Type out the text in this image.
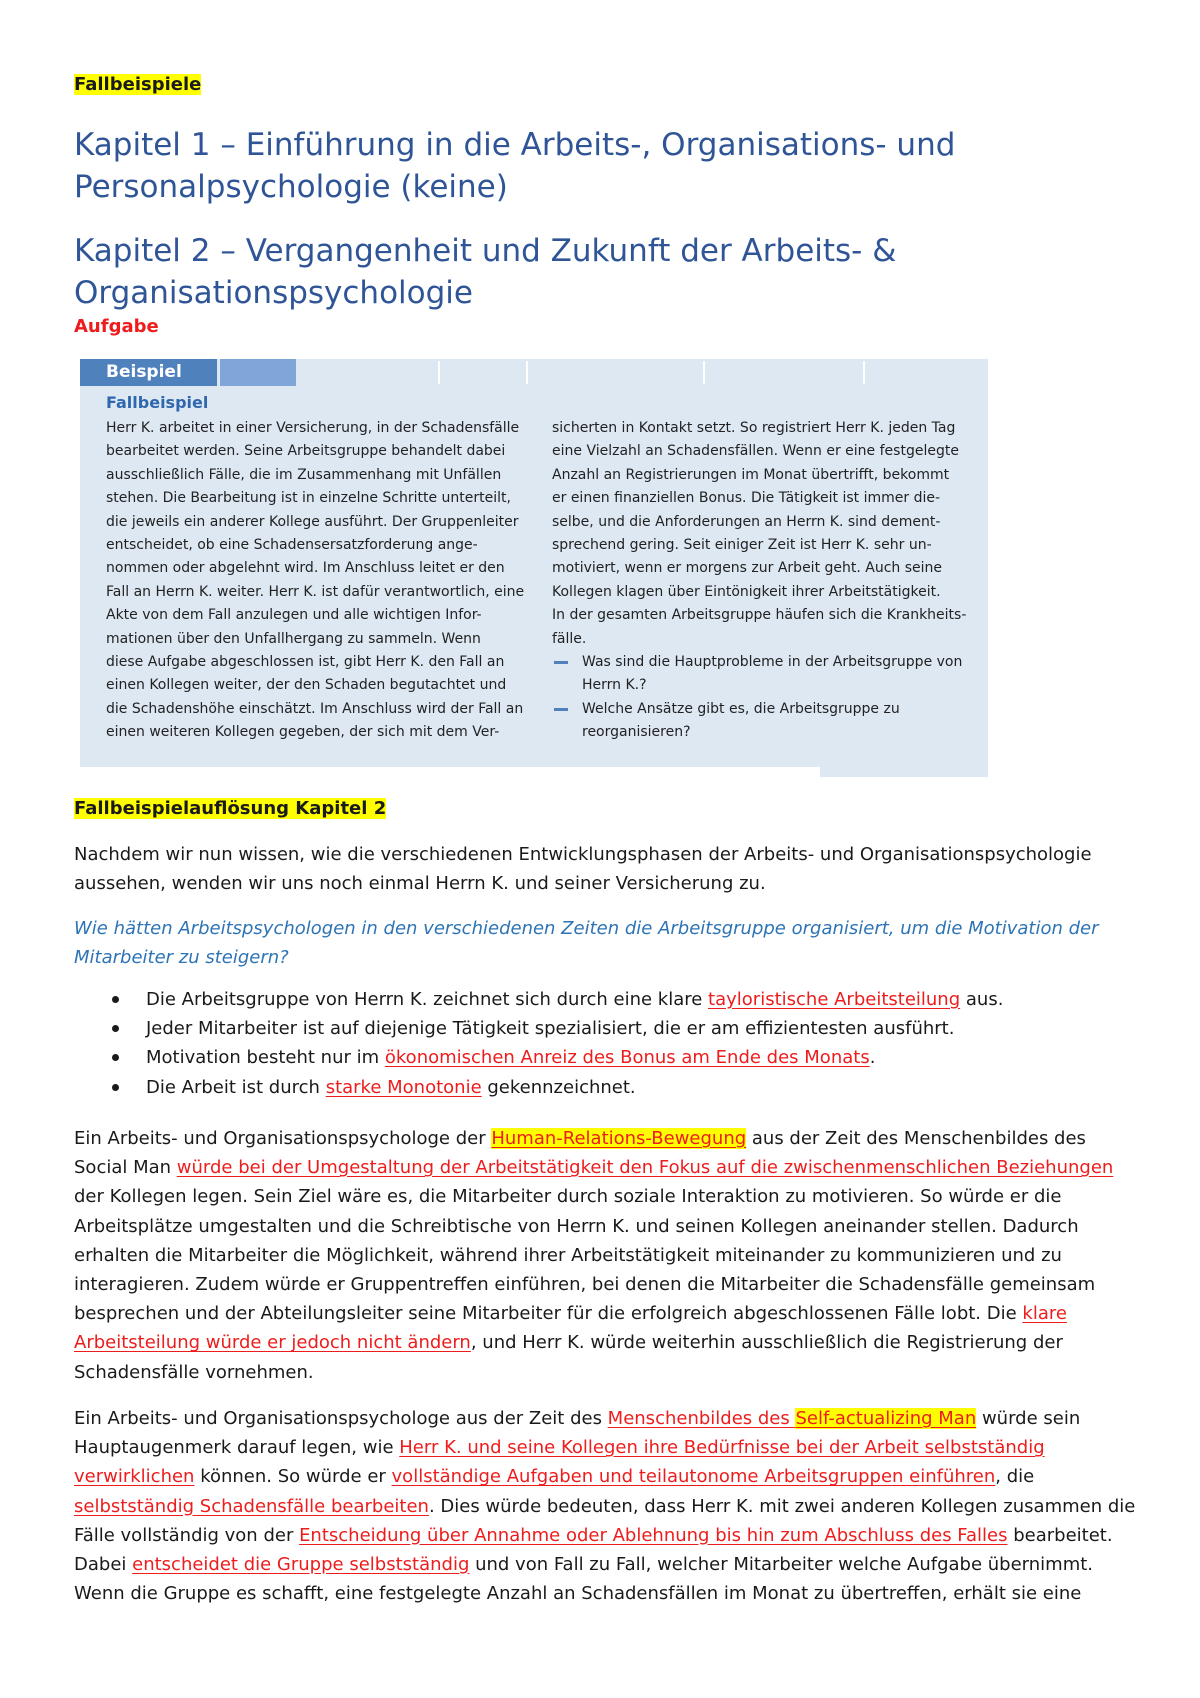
Fallbeispiele
Kapitel 1 – Einführung in die Arbeits-, Organisations- und
Personalpsychologie (keine)
Kapitel 2 – Vergangenheit und Zukunft der Arbeits- &
Organisationspsychologie
Aufgabe
Beispiel
Fallbeispiel
Herr K. arbeitet in einer Versicherung, in der Schadensfälle
bearbeitet werden. Seine Arbeitsgruppe behandelt dabei
ausschließlich Fälle, die im Zusammenhang mit Unfällen
stehen. Die Bearbeitung ist in einzelne Schritte unterteilt,
die jeweils ein anderer Kollege ausführt. Der Gruppenleiter
entscheidet, ob eine Schadensersatzforderung ange-
nommen oder abgelehnt wird. Im Anschluss leitet er den
Fall an Herrn K. weiter. Herr K. ist dafür verantwortlich, eine
Akte von dem Fall anzulegen und alle wichtigen Infor-
mationen über den Unfallhergang zu sammeln. Wenn
diese Aufgabe abgeschlossen ist, gibt Herr K. den Fall an
einen Kollegen weiter, der den Schaden begutachtet und
die Schadenshöhe einschätzt. Im Anschluss wird der Fall an
einen weiteren Kollegen gegeben, der sich mit dem Ver-
sicherten in Kontakt setzt. So registriert Herr K. jeden Tag
eine Vielzahl an Schadensfällen. Wenn er eine festgelegte
Anzahl an Registrierungen im Monat übertrifft, bekommt
er einen finanziellen Bonus. Die Tätigkeit ist immer die-
selbe, und die Anforderungen an Herrn K. sind dement-
sprechend gering. Seit einiger Zeit ist Herr K. sehr un-
motiviert, wenn er morgens zur Arbeit geht. Auch seine
Kollegen klagen über Eintönigkeit ihrer Arbeitstätigkeit.
In der gesamten Arbeitsgruppe häufen sich die Krankheits-
fälle.
Was sind die Hauptprobleme in der Arbeitsgruppe von
Herrn K.?
Welche Ansätze gibt es, die Arbeitsgruppe zu
reorganisieren?
Fallbeispielauflösung Kapitel 2
Nachdem wir nun wissen, wie die verschiedenen Entwicklungsphasen der Arbeits- und Organisationspsychologie
aussehen, wenden wir uns noch einmal Herrn K. und seiner Versicherung zu.
Wie hätten Arbeitspsychologen in den verschiedenen Zeiten die Arbeitsgruppe organisiert, um die Motivation der
Mitarbeiter zu steigern?
Die Arbeitsgruppe von Herrn K. zeichnet sich durch eine klare tayloristische Arbeitsteilung aus.
Jeder Mitarbeiter ist auf diejenige Tätigkeit spezialisiert, die er am effizientesten ausführt.
Motivation besteht nur im ökonomischen Anreiz des Bonus am Ende des Monats.
Die Arbeit ist durch starke Monotonie gekennzeichnet.
Ein Arbeits- und Organisationspsychologe der Human-Relations-Bewegung aus der Zeit des Menschenbildes des
Social Man würde bei der Umgestaltung der Arbeitstätigkeit den Fokus auf die zwischenmenschlichen Beziehungen
der Kollegen legen. Sein Ziel wäre es, die Mitarbeiter durch soziale Interaktion zu motivieren. So würde er die
Arbeitsplätze umgestalten und die Schreibtische von Herrn K. und seinen Kollegen aneinander stellen. Dadurch
erhalten die Mitarbeiter die Möglichkeit, während ihrer Arbeitstätigkeit miteinander zu kommunizieren und zu
interagieren. Zudem würde er Gruppentreffen einführen, bei denen die Mitarbeiter die Schadensfälle gemeinsam
besprechen und der Abteilungsleiter seine Mitarbeiter für die erfolgreich abgeschlossenen Fälle lobt. Die klare
Arbeitsteilung würde er jedoch nicht ändern, und Herr K. würde weiterhin ausschließlich die Registrierung der
Schadensfälle vornehmen.
Ein Arbeits- und Organisationspsychologe aus der Zeit des Menschenbildes des Self-actualizing Man würde sein
Hauptaugenmerk darauf legen, wie Herr K. und seine Kollegen ihre Bedürfnisse bei der Arbeit selbstständig
verwirklichen können. So würde er vollständige Aufgaben und teilautonome Arbeitsgruppen einführen, die
selbstständig Schadensfälle bearbeiten. Dies würde bedeuten, dass Herr K. mit zwei anderen Kollegen zusammen die
Fälle vollständig von der Entscheidung über Annahme oder Ablehnung bis hin zum Abschluss des Falles bearbeitet.
Dabei entscheidet die Gruppe selbstständig und von Fall zu Fall, welcher Mitarbeiter welche Aufgabe übernimmt.
Wenn die Gruppe es schafft, eine festgelegte Anzahl an Schadensfällen im Monat zu übertreffen, erhält sie eine
